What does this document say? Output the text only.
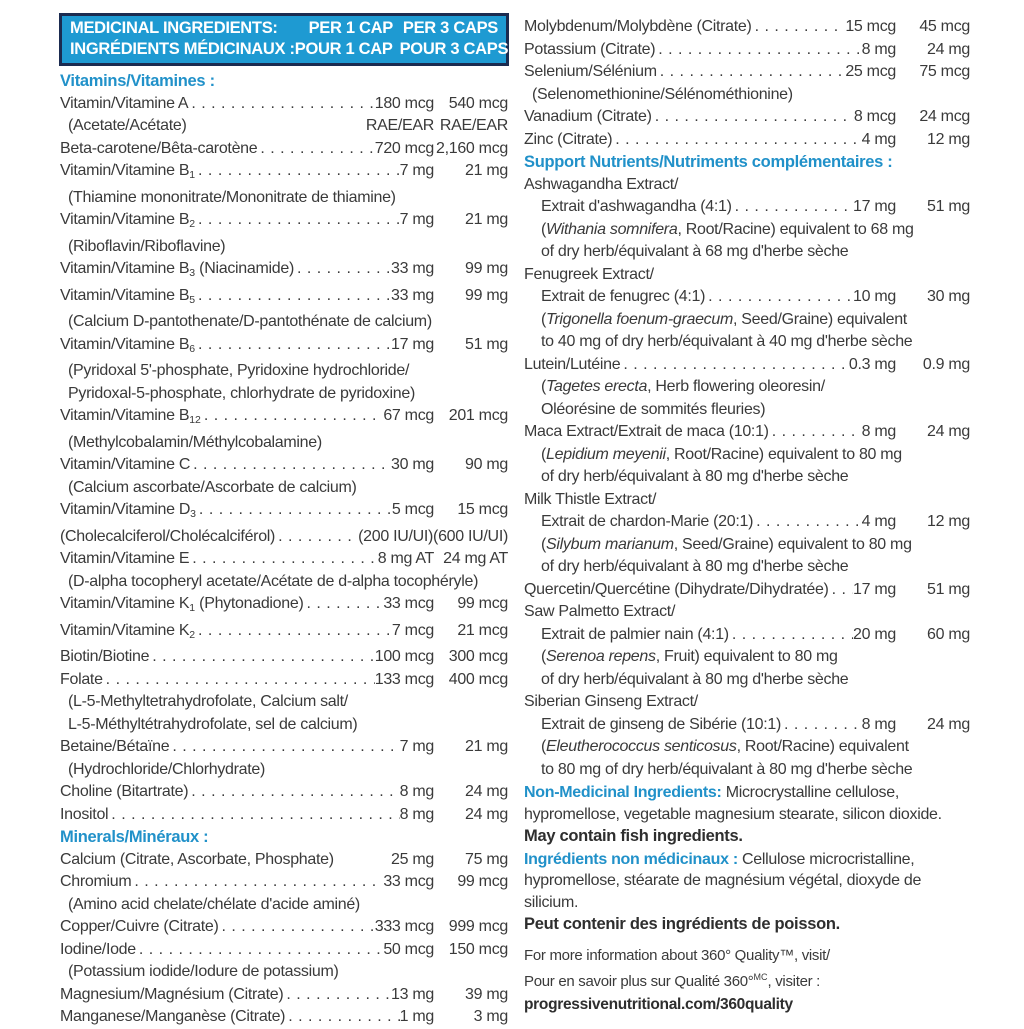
MEDICINAL INGREDIENTS: PER 1 CAP PER 3 CAPS
INGRÉDIENTS MÉDICINAUX : POUR 1 CAP POUR 3 CAPS
Vitamins/Vitamines :
Vitamin/Vitamine A . . .	180 mcg 540 mcg
(Acetate/Acétate)	RAE/EAR RAE/EAR
Beta-carotene/Bêta-carotène . . .	720 mcg 2,160 mcg
Vitamin/Vitamine $B_1$ . . .	7 mg	21 mg
(Thiamine mononitrate/Mononitrate de thiamine)
Vitamin/Vitamine $B_2$ . . .	7 mg	21 mg
(Riboflavin/Riboflavine)
Vitamin/Vitamine $B_3$ (Niacinamide) . . .	33 mg	99 mg
Vitamin/Vitamine $B_5$ . . .	33 mg	99 mg
(Calcium D-pantothenate/D-pantothénate de calcium)
Vitamin/Vitamine $B_6$ . . .	17 mg	51 mg
(Pyridoxal 5'-phosphate, Pyridoxine hydrochloride/
Pyridoxal-5-phosphate, chlorhydrate de pyridoxine)
Vitamin/Vitamine $B_{12}$ . . .	67 mcg 201 mcg
(Methylcobalamin/Méthylcobalamine)
Vitamin/Vitamine C . . .	30 mg	90 mg
(Calcium ascorbate/Ascorbate de calcium)
Vitamin/Vitamine $D_3$ . . .	5 mcg	15 mcg
(Cholecalciferol/Cholécalciférol) . . .	(200 IU/UI) (600 IU/UI)
Vitamin/Vitamine E . . .	8 mg AT 24 mg AT
(D-alpha tocopheryl acetate/Acétate de d-alpha tocophéryle)
Vitamin/Vitamine $K_1$ (Phytonadione) . . .	33 mcg	99 mcg
Vitamin/Vitamine $K_2$ . . .	7 mcg	21 mcg
Biotin/Biotine . . .	100 mcg 300 mcg
Folate . . .	133 mcg 400 mcg
(L-5-Methyltetrahydrofolate, Calcium salt/
L-5-Méthyltétrahydrofolate, sel de calcium)
Betaine/Bétaïne . . .	7 mg	21 mg
(Hydrochloride/Chlorhydrate)
Choline (Bitartrate) . . .	8 mg	24 mg
Inositol . . .	8 mg	24 mg
Minerals/Minéraux :
Calcium (Citrate, Ascorbate, Phosphate)	25 mg	75 mg
Chromium . . .	33 mcg	99 mcg
(Amino acid chelate/chélate d'acide aminé)
Copper/Cuivre (Citrate) . . .	333 mcg 999 mcg
Iodine/Iode . . .	50 mcg 150 mcg
(Potassium iodide/Iodure de potassium)
Magnesium/Magnésium (Citrate) . . .	13 mg	39 mg
Manganese/Manganèse (Citrate) . . .	1 mg	3 mg
Molybdenum/Molybdène (Citrate) . . .	15 mcg	45 mcg
Potassium (Citrate) . . .	8 mg	24 mg
Selenium/Sélénium . . .	25 mcg	75 mcg
(Selenomethionine/Sélénométhionine)
Vanadium (Citrate) . . .	8 mcg	24 mcg
Zinc (Citrate) . . .	4 mg	12 mg
Support Nutrients/Nutriments complémentaires :
Ashwagandha Extract/
Extrait d'ashwagandha (4:1) . . .	17 mg	51 mg
(Withania somnifera, Root/Racine) equivalent to 68 mg
of dry herb/équivalant à 68 mg d'herbe sèche
Fenugreek Extract/
Extrait de fenugrec (4:1) . . .	10 mg	30 mg
(Trigonella foenum-graecum, Seed/Graine) equivalent
to 40 mg of dry herb/équivalant à 40 mg d'herbe sèche
Lutein/Lutéine . . .	0.3 mg	0.9 mg
(Tagetes erecta, Herb flowering oleoresin/
Oléorésine de sommités fleuries)
Maca Extract/Extrait de maca (10:1) . . .	8 mg	24 mg
(Lepidium meyenii, Root/Racine) equivalent to 80 mg
of dry herb/équivalant à 80 mg d'herbe sèche
Milk Thistle Extract/
Extrait de chardon-Marie (20:1) . . .	4 mg	12 mg
(Silybum marianum, Seed/Graine) equivalent to 80 mg
of dry herb/équivalant à 80 mg d'herbe sèche
Quercetin/Quercétine (Dihydrate/Dihydratée) . . . 17 mg	51 mg
Saw Palmetto Extract/
Extrait de palmier nain (4:1) . . .	20 mg	60 mg
(Serenoa repens, Fruit) equivalent to 80 mg
of dry herb/équivalant à 80 mg d'herbe sèche
Siberian Ginseng Extract/
Extrait de ginseng de Sibérie (10:1) . . .	8 mg	24 mg
(Eleutherococcus senticosus, Root/Racine) equivalent
to 80 mg of dry herb/équivalant à 80 mg d'herbe sèche
Non-Medicinal Ingredients: Microcrystalline cellulose, hypromellose, vegetable magnesium stearate, silicon dioxide.
May contain fish ingredients.
Ingrédients non médicinaux : Cellulose microcristalline, hypromellose, stéarate de magnésium végétal, dioxyde de silicium.
Peut contenir des ingrédients de poisson.
For more information about 360° Quality™, visit/
Pour en savoir plus sur Qualité 360°$^{MC}$, visiter :
progressivenutritional.com/360quality
